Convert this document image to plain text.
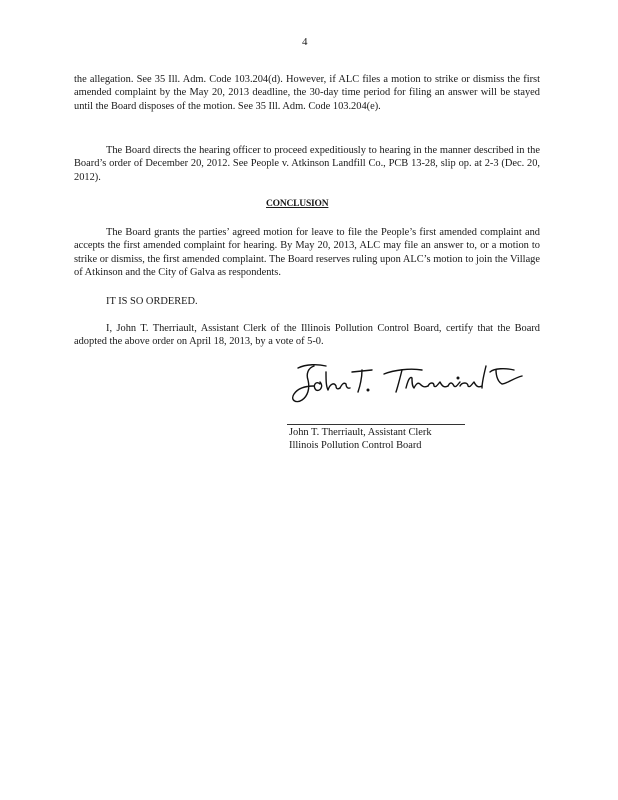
4

the allegation. See 35 Ill. Adm. Code 103.204(d). However, if ALC files a motion to strike or dismiss the first amended complaint by the May 20, 2013 deadline, the 30-day time period for filing an answer will be stayed until the Board disposes of the motion. See 35 Ill. Adm. Code 103.204(e).

The Board directs the hearing officer to proceed expeditiously to hearing in the manner described in the Board’s order of December 20, 2012. See People v. Atkinson Landfill Co., PCB 13-28, slip op. at 2-3 (Dec. 20, 2012).

CONCLUSION

The Board grants the parties’ agreed motion for leave to file the People’s first amended complaint and accepts the first amended complaint for hearing. By May 20, 2013, ALC may file an answer to, or a motion to strike or dismiss, the first amended complaint. The Board reserves ruling upon ALC’s motion to join the Village of Atkinson and the City of Galva as respondents.

IT IS SO ORDERED.

I, John T. Therriault, Assistant Clerk of the Illinois Pollution Control Board, certify that the Board adopted the above order on April 18, 2013, by a vote of 5-0.

John T. Therriault, Assistant Clerk
Illinois Pollution Control Board
